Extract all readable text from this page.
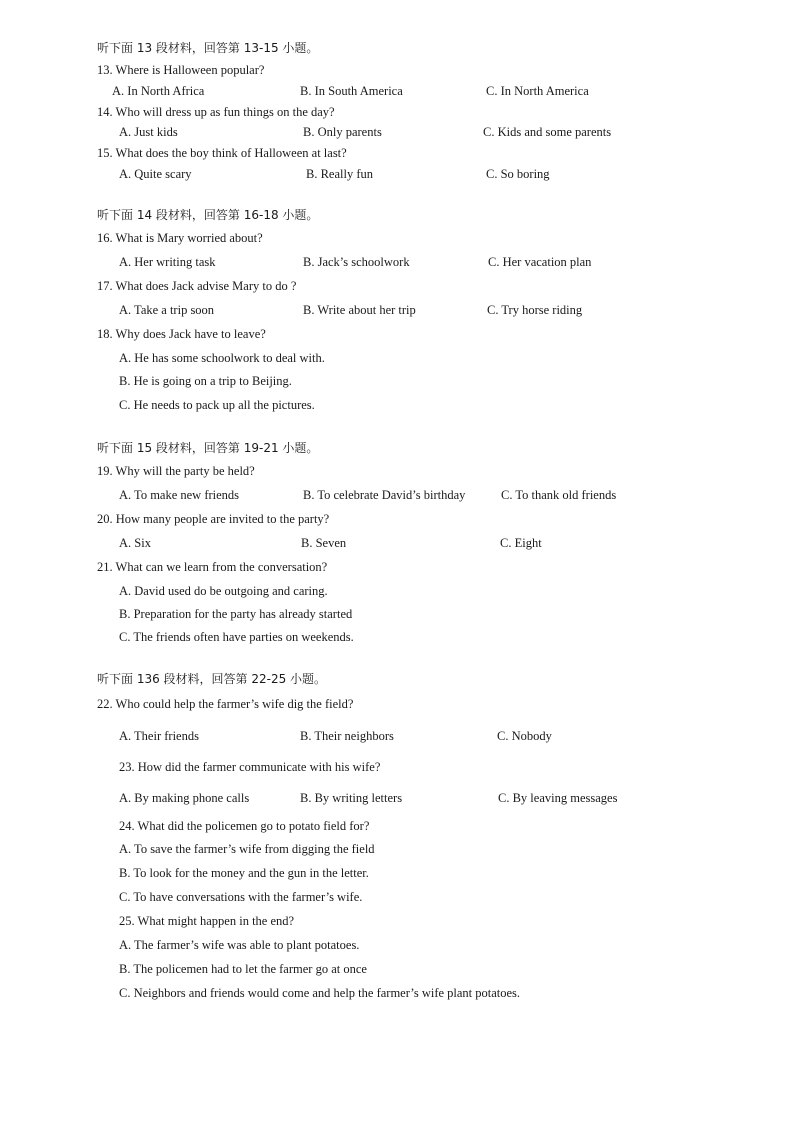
听下面 13 段材料，回答第 13-15 小题。
13. Where is Halloween popular?
A. In North Africa	B. In South America	C. In North America
14. Who will dress up as fun things on the day?
A. Just kids	B. Only parents	C. Kids and some parents
15. What does the boy think of Halloween at last?
A. Quite scary	B. Really fun	C. So boring
听下面 14 段材料，回答第 16-18 小题。
16. What is Mary worried about?
A. Her writing task	B. Jack’s schoolwork	C. Her vacation plan
17. What does Jack advise Mary to do ?
A. Take a trip soon	B. Write about her trip	C. Try horse riding
18. Why does Jack have to leave?
A. He has some schoolwork to deal with.
B. He is going on a trip to Beijing.
C. He needs to pack up all the pictures.
听下面 15 段材料，回答第 19-21 小题。
19. Why will the party be held?
A. To make new friends	B. To celebrate David’s birthday	C. To thank old friends
20. How many people are invited to the party?
A. Six	B. Seven	C. Eight
21. What can we learn from the conversation?
A. David used do be outgoing and caring.
B. Preparation for the party has already started
C. The friends often have parties on weekends.
听下面 136 段材料，回答第 22-25 小题。
22. Who could help the farmer’s wife dig the field?
A. Their friends	B. Their neighbors	C. Nobody
23. How did the farmer communicate with his wife?
A. By making phone calls	B. By writing letters	C. By leaving messages
24. What did the policemen go to potato field for?
A. To save the farmer’s wife from digging the field
B. To look for the money and the gun in the letter.
C. To have conversations with the farmer’s wife.
25. What might happen in the end?
A. The farmer’s wife was able to plant potatoes.
B. The policemen had to let the farmer go at once
C. Neighbors and friends would come and help the farmer’s wife plant potatoes.
